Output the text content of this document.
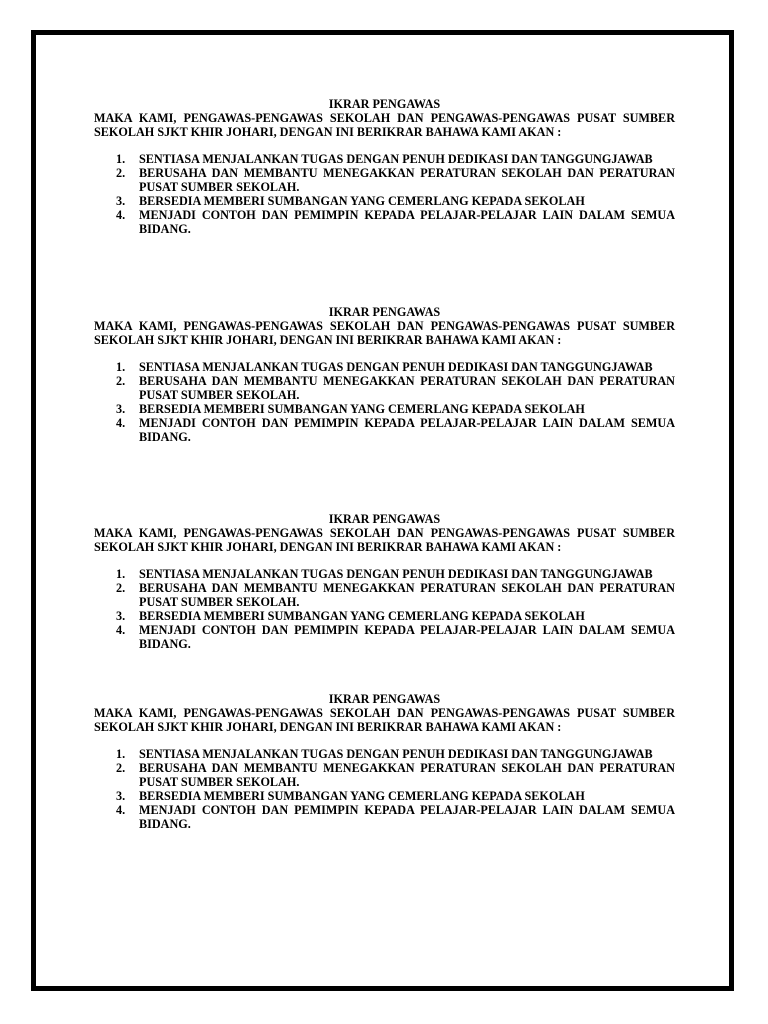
IKRAR PENGAWAS

MAKA KAMI, PENGAWAS-PENGAWAS SEKOLAH DAN PENGAWAS-PENGAWAS PUSAT SUMBER SEKOLAH SJKT KHIR JOHARI, DENGAN INI BERIKRAR BAHAWA KAMI AKAN :

1. SENTIASA MENJALANKAN TUGAS DENGAN PENUH DEDIKASI DAN TANGGUNGJAWAB
2. BERUSAHA DAN MEMBANTU MENEGAKKAN PERATURAN SEKOLAH DAN PERATURAN PUSAT SUMBER SEKOLAH.
3. BERSEDIA MEMBERI SUMBANGAN YANG CEMERLANG KEPADA SEKOLAH
4. MENJADI CONTOH DAN PEMIMPIN KEPADA PELAJAR-PELAJAR LAIN DALAM SEMUA BIDANG.

IKRAR PENGAWAS

MAKA KAMI, PENGAWAS-PENGAWAS SEKOLAH DAN PENGAWAS-PENGAWAS PUSAT SUMBER SEKOLAH SJKT KHIR JOHARI, DENGAN INI BERIKRAR BAHAWA KAMI AKAN :

1. SENTIASA MENJALANKAN TUGAS DENGAN PENUH DEDIKASI DAN TANGGUNGJAWAB
2. BERUSAHA DAN MEMBANTU MENEGAKKAN PERATURAN SEKOLAH DAN PERATURAN PUSAT SUMBER SEKOLAH.
3. BERSEDIA MEMBERI SUMBANGAN YANG CEMERLANG KEPADA SEKOLAH
4. MENJADI CONTOH DAN PEMIMPIN KEPADA PELAJAR-PELAJAR LAIN DALAM SEMUA BIDANG.

IKRAR PENGAWAS

MAKA KAMI, PENGAWAS-PENGAWAS SEKOLAH DAN PENGAWAS-PENGAWAS PUSAT SUMBER SEKOLAH SJKT KHIR JOHARI, DENGAN INI BERIKRAR BAHAWA KAMI AKAN :

1. SENTIASA MENJALANKAN TUGAS DENGAN PENUH DEDIKASI DAN TANGGUNGJAWAB
2. BERUSAHA DAN MEMBANTU MENEGAKKAN PERATURAN SEKOLAH DAN PERATURAN PUSAT SUMBER SEKOLAH.
3. BERSEDIA MEMBERI SUMBANGAN YANG CEMERLANG KEPADA SEKOLAH
4. MENJADI CONTOH DAN PEMIMPIN KEPADA PELAJAR-PELAJAR LAIN DALAM SEMUA BIDANG.

IKRAR PENGAWAS

MAKA KAMI, PENGAWAS-PENGAWAS SEKOLAH DAN PENGAWAS-PENGAWAS PUSAT SUMBER SEKOLAH SJKT KHIR JOHARI, DENGAN INI BERIKRAR BAHAWA KAMI AKAN :

1. SENTIASA MENJALANKAN TUGAS DENGAN PENUH DEDIKASI DAN TANGGUNGJAWAB
2. BERUSAHA DAN MEMBANTU MENEGAKKAN PERATURAN SEKOLAH DAN PERATURAN PUSAT SUMBER SEKOLAH.
3. BERSEDIA MEMBERI SUMBANGAN YANG CEMERLANG KEPADA SEKOLAH
4. MENJADI CONTOH DAN PEMIMPIN KEPADA PELAJAR-PELAJAR LAIN DALAM SEMUA BIDANG.
